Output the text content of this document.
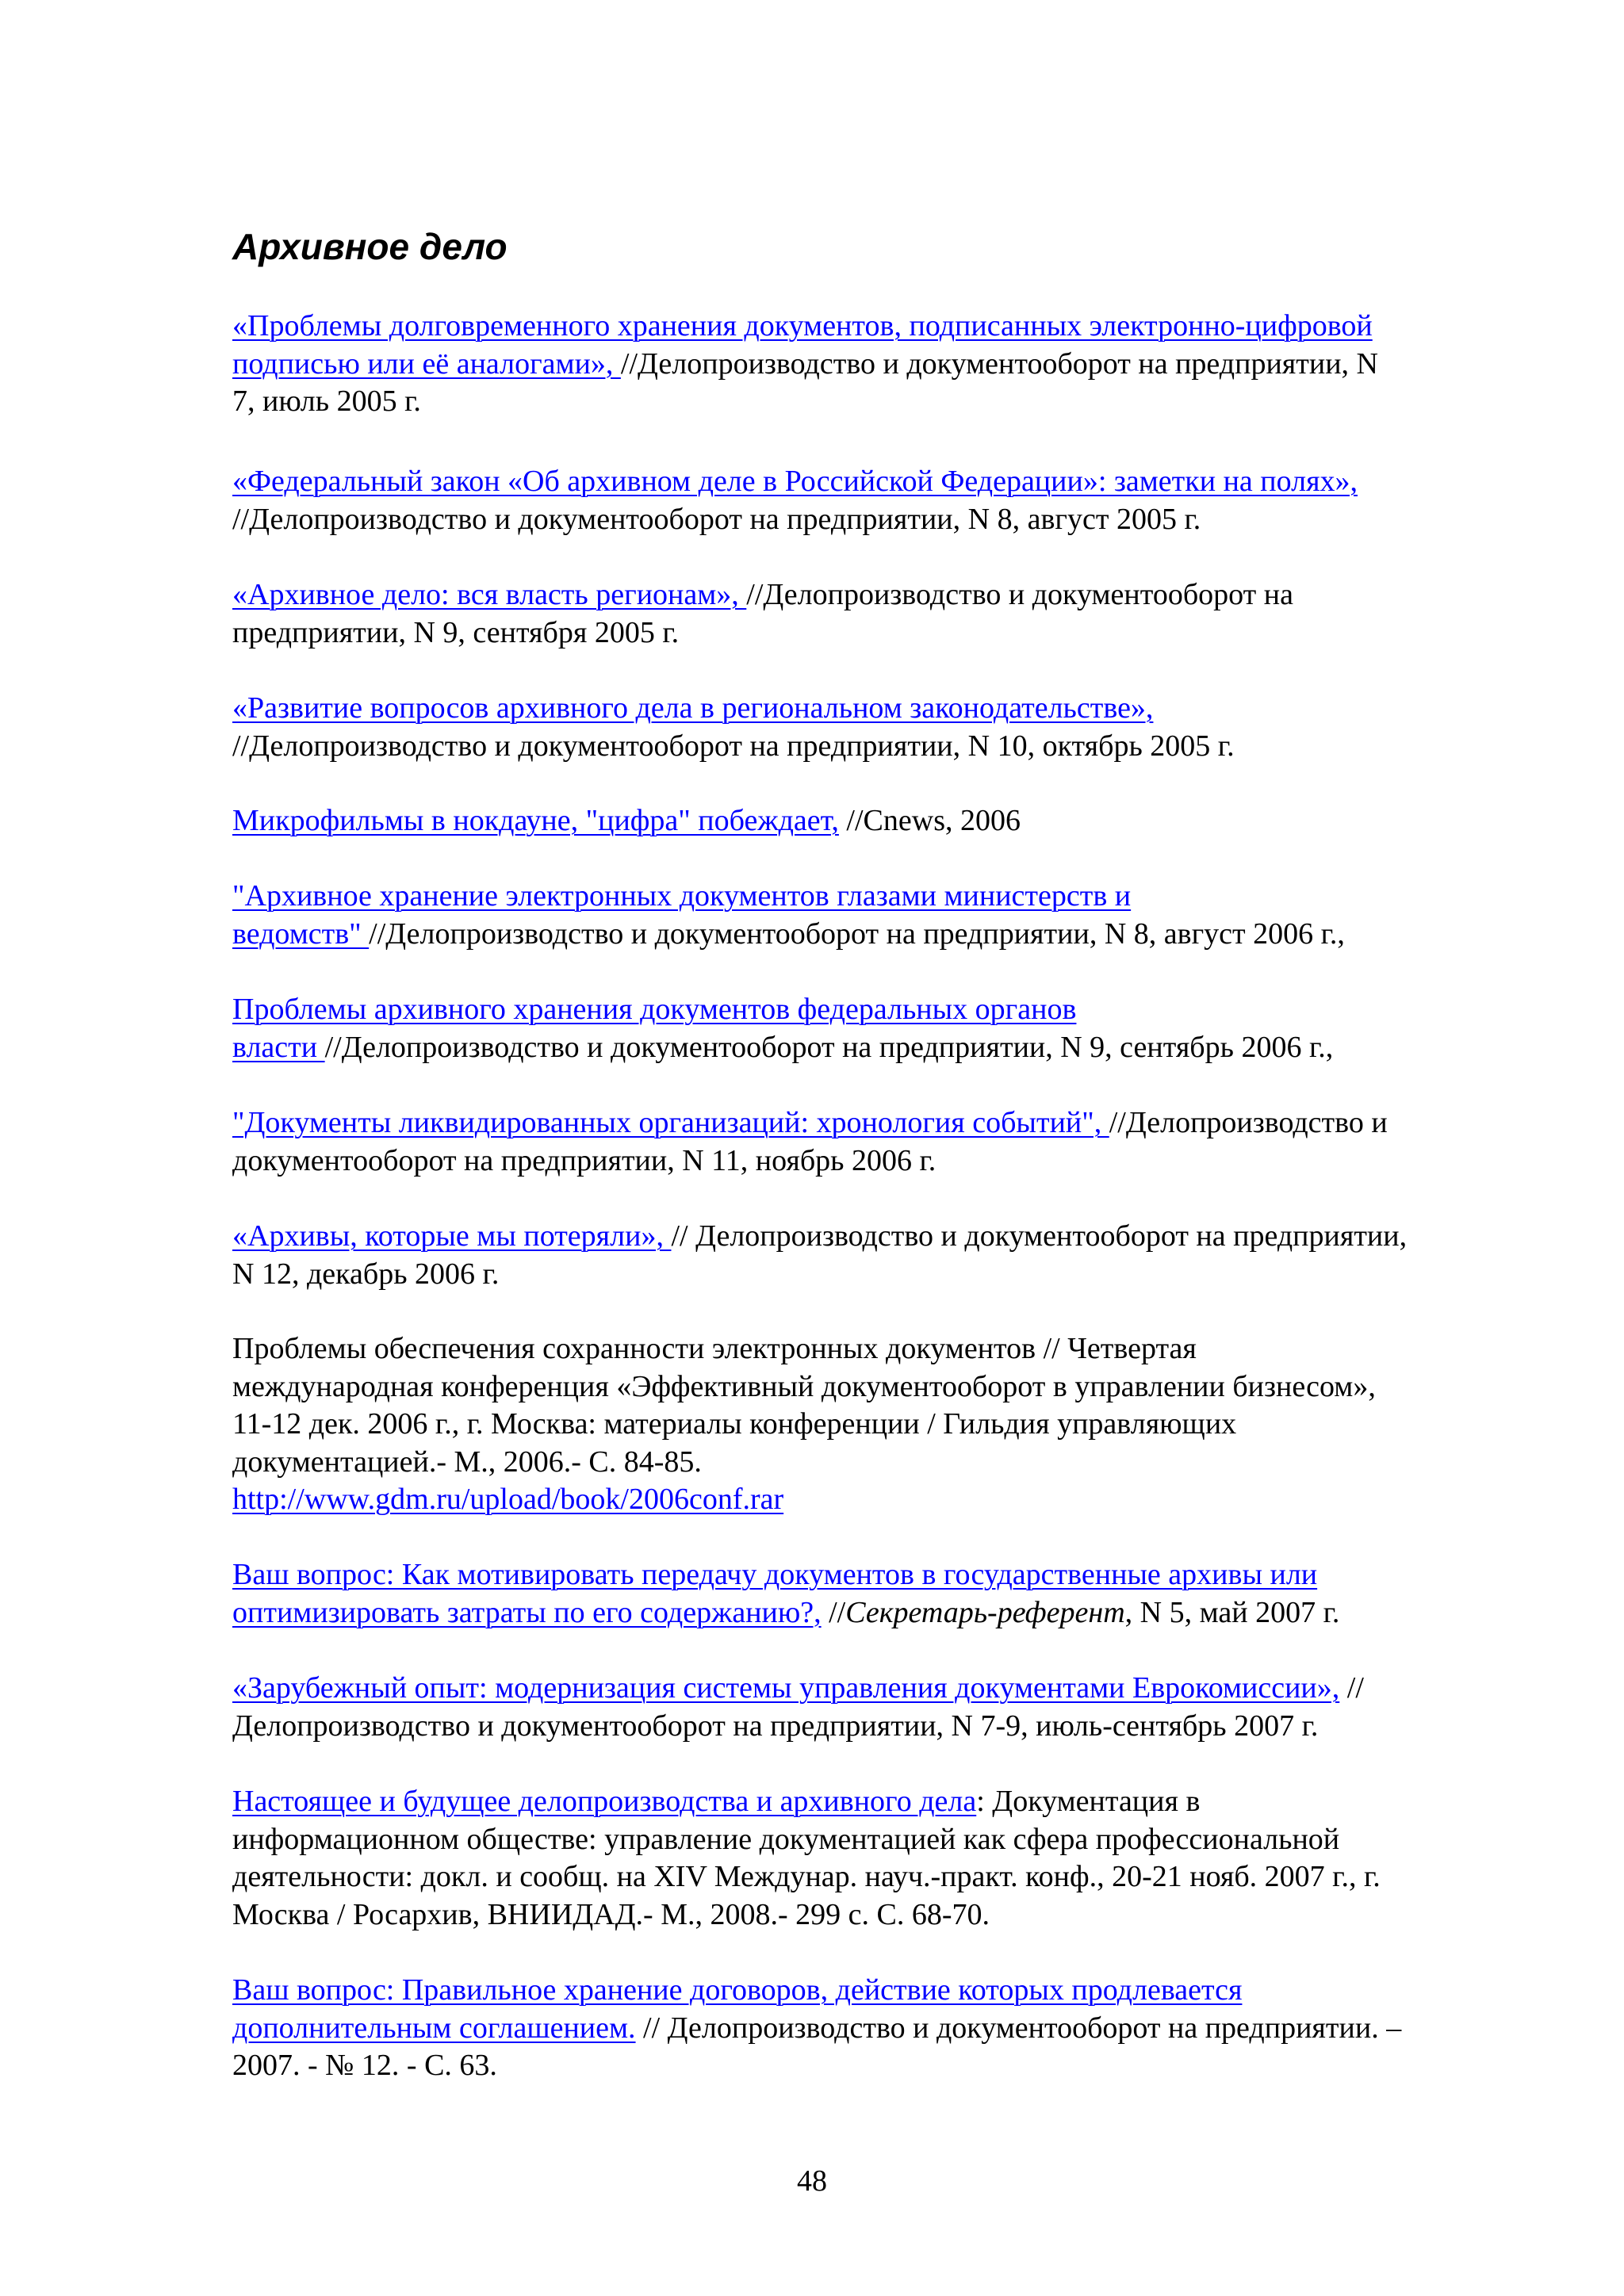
Архивное дело

«Проблемы долговременного хранения документов, подписанных электронно-цифровой
подписью или её аналогами», //Делопроизводство и документооборот на предприятии, N
7, июль 2005 г.

«Федеральный закон «Об архивном деле в Российской Федерации»: заметки на полях»,
//Делопроизводство и документооборот на предприятии, N 8, август 2005 г.

«Архивное дело: вся власть регионам», //Делопроизводство и документооборот на
предприятии, N 9, сентября 2005 г.

«Развитие вопросов архивного дела в региональном законодательстве»,
//Делопроизводство и документооборот на предприятии, N 10, октябрь 2005 г.

Микрофильмы в нокдауне, "цифра" побеждает, //Cnews, 2006

"Архивное хранение электронных документов глазами министерств и
ведомств" //Делопроизводство и документооборот на предприятии, N 8, август 2006 г.,

Проблемы архивного хранения документов федеральных органов
власти //Делопроизводство и документооборот на предприятии, N 9, сентябрь 2006 г.,

"Документы ликвидированных организаций: хронология событий", //Делопроизводство и
документооборот на предприятии, N 11, ноябрь 2006 г.

«Архивы, которые мы потеряли», // Делопроизводство и документооборот на предприятии,
N 12, декабрь 2006 г.

Проблемы обеспечения сохранности электронных документов // Четвертая
международная конференция «Эффективный документооборот в управлении бизнесом»,
11-12 дек. 2006 г., г. Москва: материалы конференции / Гильдия управляющих
документацией.- М., 2006.- С. 84-85.
http://www.gdm.ru/upload/book/2006conf.rar

Ваш вопрос: Как мотивировать передачу документов в государственные архивы или
оптимизировать затраты по его содержанию?, //Секретарь-референт, N 5, май 2007 г.

«Зарубежный опыт: модернизация системы управления документами Еврокомиссии», //
Делопроизводство и документооборот на предприятии, N 7-9, июль-сентябрь 2007 г.

Настоящее и будущее делопроизводства и архивного дела: Документация в
информационном обществе: управление документацией как сфера профессиональной
деятельности: докл. и сообщ. на XIV Междунар. науч.-практ. конф., 20-21 нояб. 2007 г., г.
Москва / Росархив, ВНИИДАД.- М., 2008.- 299 с. С. 68-70.

Ваш вопрос: Правильное хранение договоров, действие которых продлевается
дополнительным соглашением. // Делопроизводство и документооборот на предприятии. –
2007. - № 12. - С. 63.

48
